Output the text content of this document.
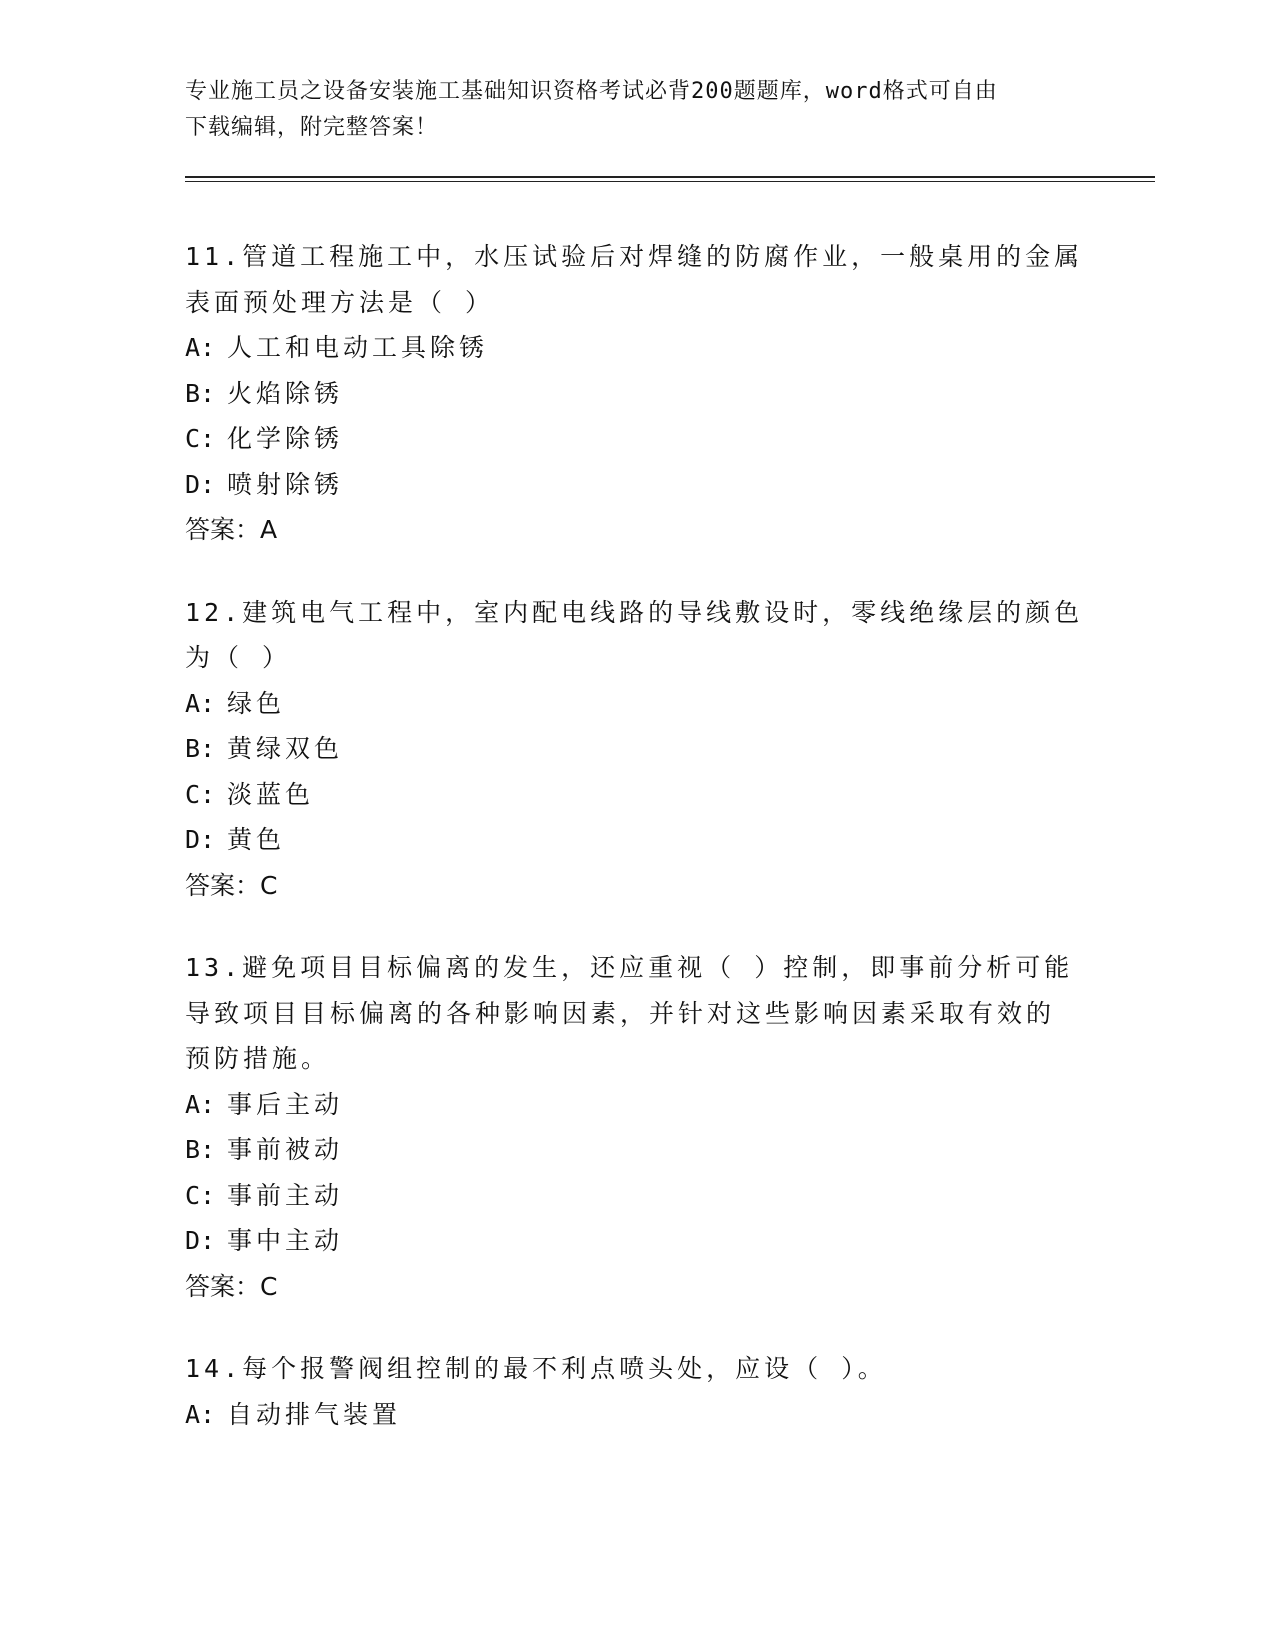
专业施工员之设备安装施工基础知识资格考试必背200题题库，word格式可自由
下载编辑，附完整答案！

11.管道工程施工中，水压试验后对焊缝的防腐作业，一般桌用的金属
表面预处理方法是（ ）

A: 人工和电动工具除锈

B: 火焰除锈

C: 化学除锈

D: 喷射除锈

答案：A

12.建筑电气工程中，室内配电线路的导线敷设时，零线绝缘层的颜色
为（ ）

A: 绿色

B: 黄绿双色

C: 淡蓝色

D: 黄色

答案：C

13.避免项目目标偏离的发生，还应重视（ ）控制，即事前分析可能
导致项目目标偏离的各种影响因素，并针对这些影响因素采取有效的
预防措施。

A: 事后主动

B: 事前被动

C: 事前主动

D: 事中主动

答案：C

14.每个报警阀组控制的最不利点喷头处，应设（ ）。

A: 自动排气装置
